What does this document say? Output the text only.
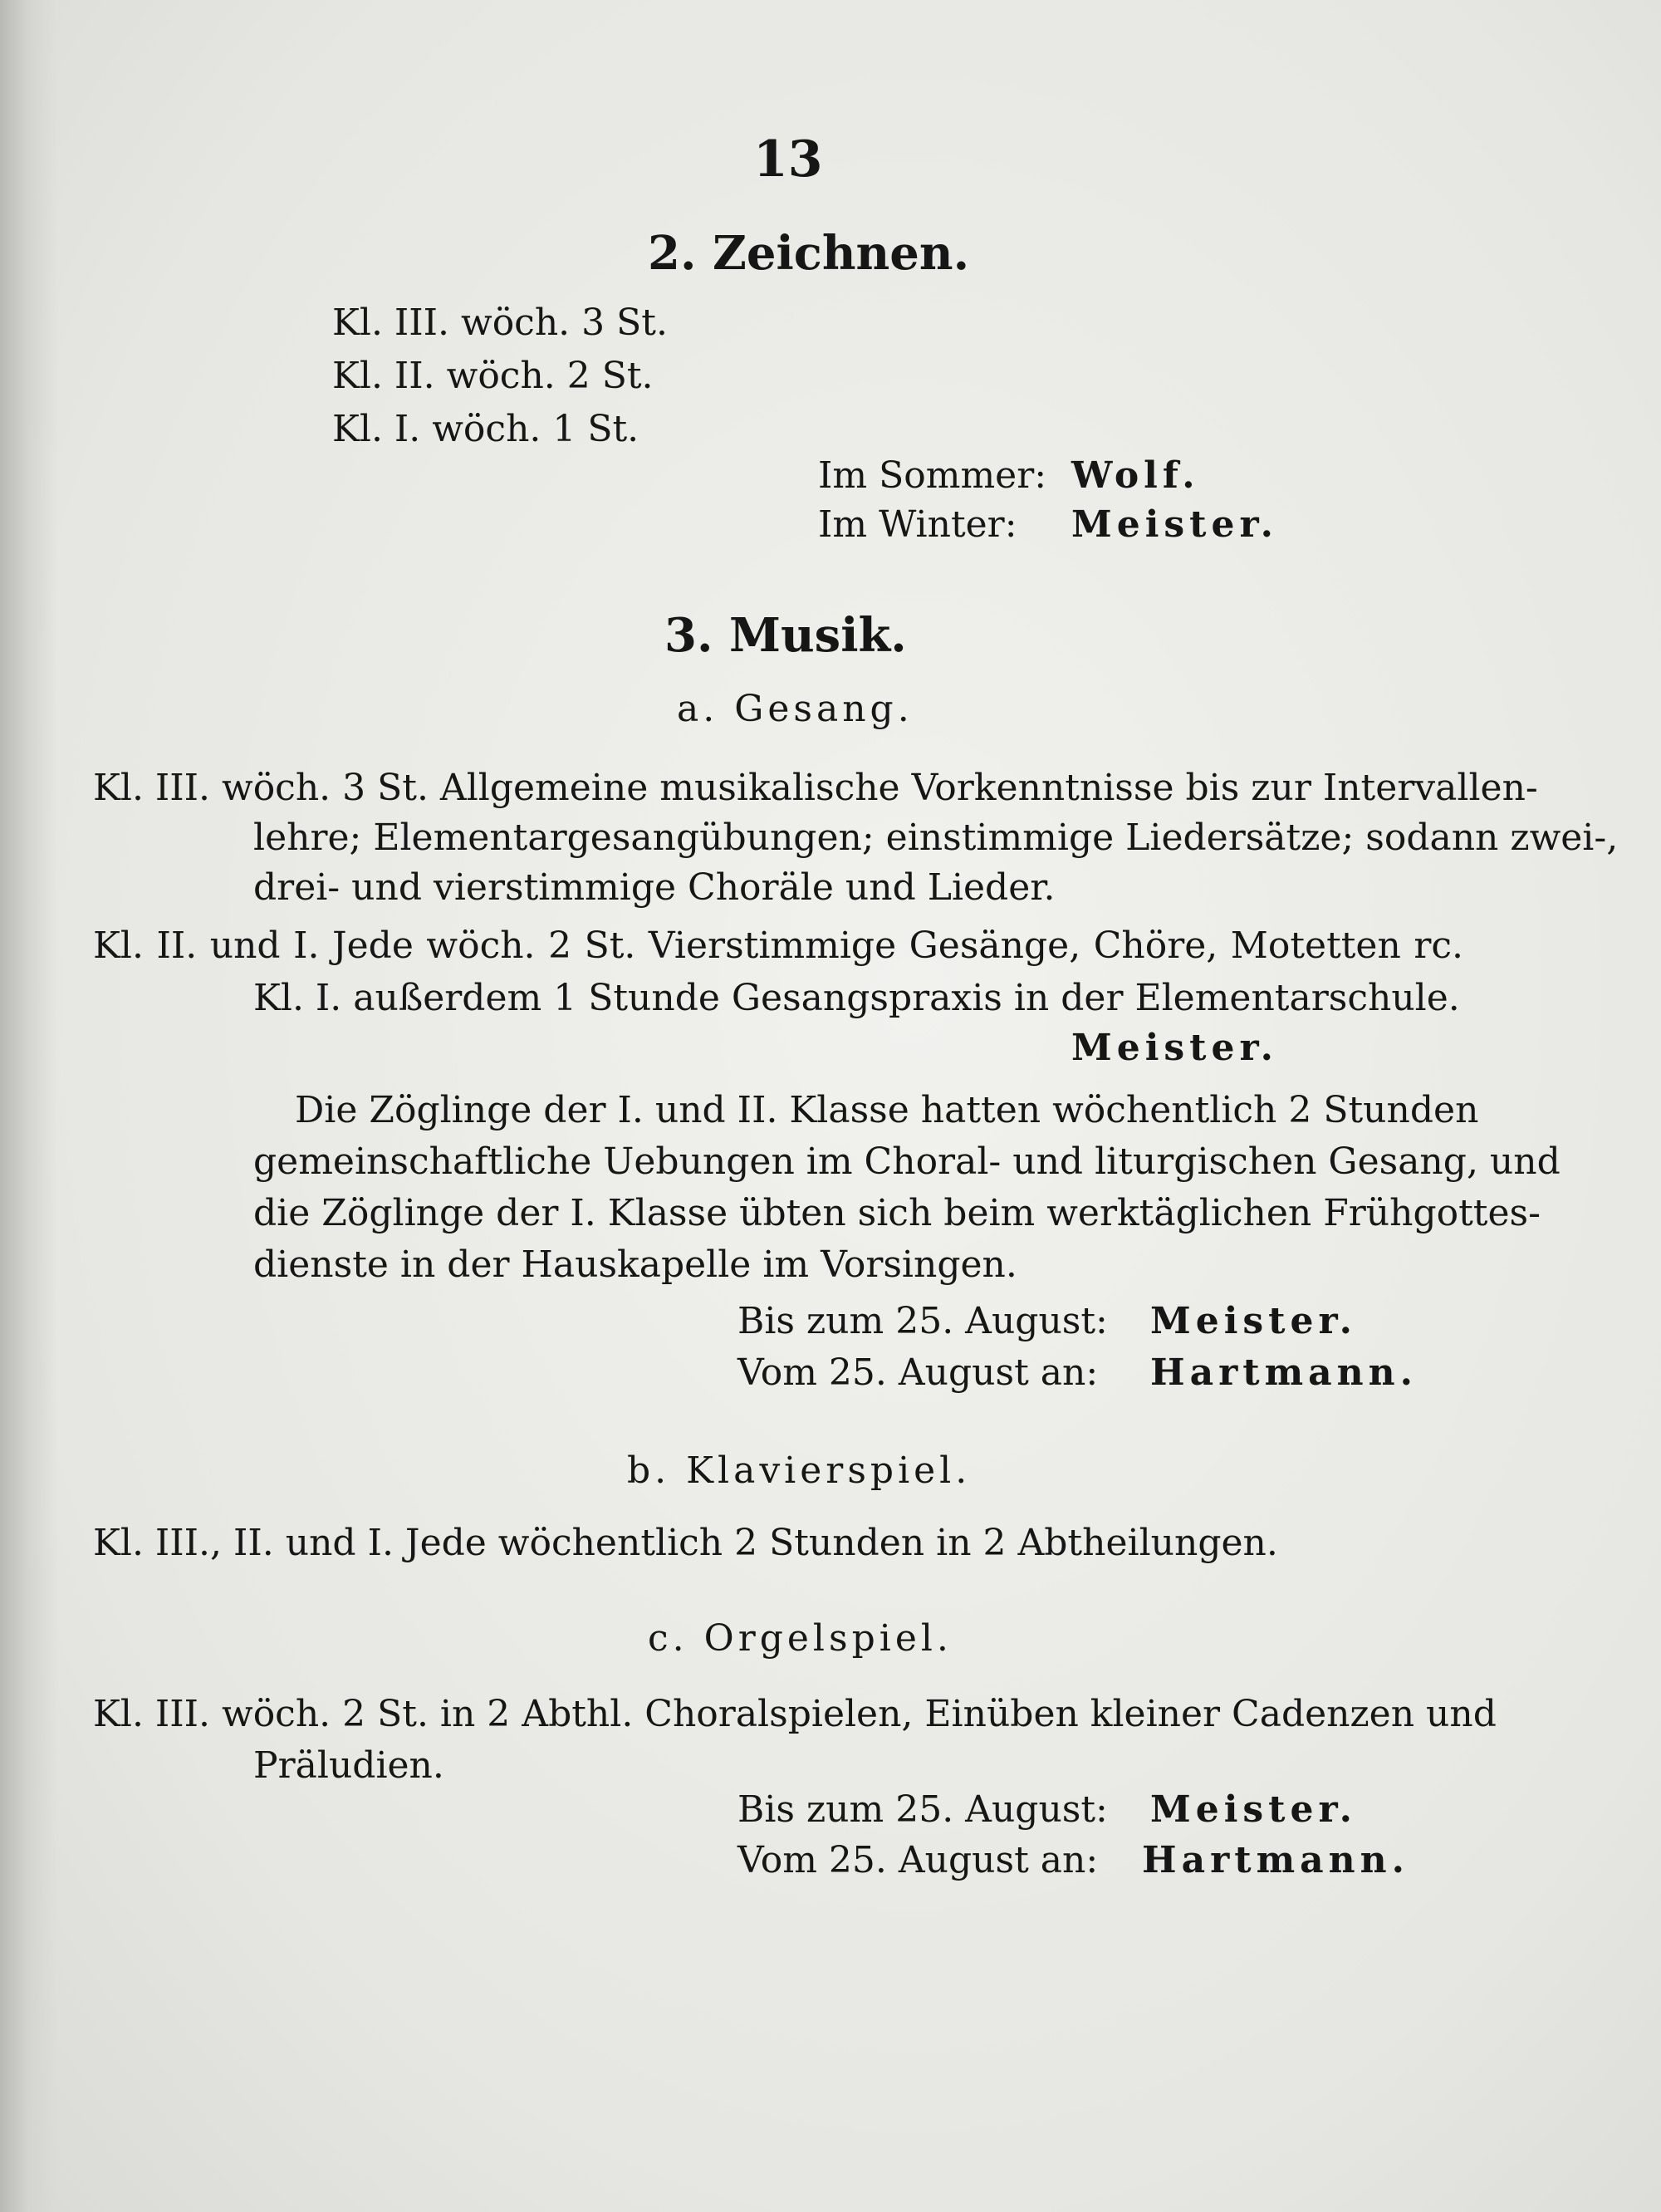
13
2. Zeichnen.
Kl. III. wöch. 3 St.
Kl. II. wöch. 2 St.
Kl. I. wöch. 1 St.
Im Sommer: Wolf.
Im Winter: Meister.
3. Musik.
a. Gesang.
Kl. III. wöch. 3 St. Allgemeine musikalische Vorkenntnisse bis zur Intervallen-
lehre; Elementargesangübungen; einstimmige Liedersätze; sodann zwei-,
drei- und vierstimmige Choräle und Lieder.
Kl. II. und I. Jede wöch. 2 St. Vierstimmige Gesänge, Chöre, Motetten rc.
Kl. I. außerdem 1 Stunde Gesangspraxis in der Elementarschule.
Meister.
Die Zöglinge der I. und II. Klasse hatten wöchentlich 2 Stunden
gemeinschaftliche Uebungen im Choral- und liturgischen Gesang, und
die Zöglinge der I. Klasse übten sich beim werktäglichen Frühgottes-
dienste in der Hauskapelle im Vorsingen.
Bis zum 25. August: Meister.
Vom 25. August an: Hartmann.
b. Klavierspiel.
Kl. III., II. und I. Jede wöchentlich 2 Stunden in 2 Abtheilungen.
c. Orgelspiel.
Kl. III. wöch. 2 St. in 2 Abthl. Choralspielen, Einüben kleiner Cadenzen und
Präludien.
Bis zum 25. August: Meister.
Vom 25. August an: Hartmann.
